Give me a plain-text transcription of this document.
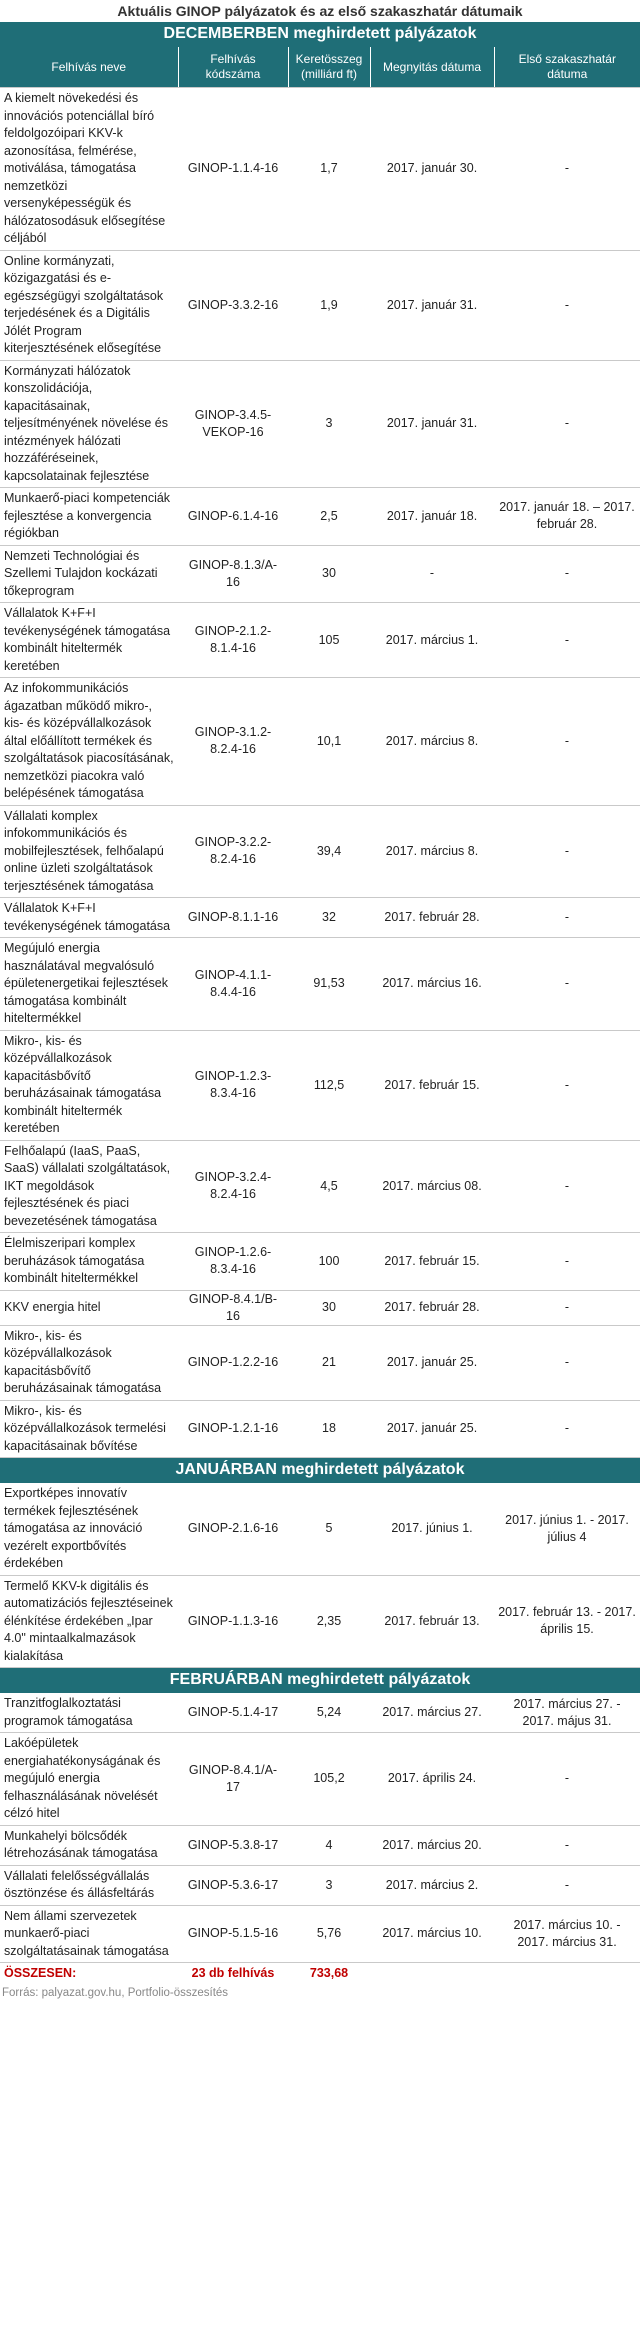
Aktuális GINOP pályázatok és az első szakaszhatár dátumaik
DECEMBERBEN meghirdetett pályázatok				
Felhívás neve	Felhívás kódszáma	Keretösszeg (milliárd ft)	Megnyitás dátuma	Első szakaszhatár dátuma
A kiemelt növekedési és innovációs potenciállal bíró feldolgozóipari KKV-k azonosítása, felmérése, motiválása, támogatása nemzetközi versenyképességük és hálózatosodásuk elősegítése céljából	GINOP-1.1.4-16	1,7	2017. január 30.	-
Online kormányzati, közigazgatási és e-egészségügyi szolgáltatások terjedésének és a Digitális Jólét Program kiterjesztésének elősegítése	GINOP-3.3.2-16	1,9	2017. január 31.	-
Kormányzati hálózatok konszolidációja, kapacitásainak, teljesítményének növelése és intézmények hálózati hozzáféréseinek, kapcsolatainak fejlesztése	GINOP-3.4.5-VEKOP-16	3	2017. január 31.	-
Munkaerő-piaci kompetenciák fejlesztése a konvergencia régiókban	GINOP-6.1.4-16	2,5	2017. január 18.	2017. január 18. – 2017. február 28.
Nemzeti Technológiai és Szellemi Tulajdon kockázati tőkeprogram	GINOP-8.1.3/A-16	30	-	-
Vállalatok K+F+I tevékenységének támogatása kombinált hiteltermék keretében	GINOP-2.1.2-8.1.4-16	105	2017. március 1.	-
Az infokommunikációs ágazatban működő mikro-, kis- és középvállalkozások által előállított termékek és szolgáltatások piacosításának, nemzetközi piacokra való belépésének támogatása	GINOP-3.1.2-8.2.4-16	10,1	2017. március 8.	-
Vállalati komplex infokommunikációs és mobilfejlesztések, felhőalapú online üzleti szolgáltatások terjesztésének támogatása	GINOP-3.2.2-8.2.4-16	39,4	2017. március 8.	-
Vállalatok K+F+I tevékenységének támogatása	GINOP-8.1.1-16	32	2017. február 28.	-
Megújuló energia használatával megvalósuló épületenergetikai fejlesztések támogatása kombinált hiteltermékkel	GINOP-4.1.1-8.4.4-16	91,53	2017. március 16.	-
Mikro-, kis- és középvállalkozások kapacitásbővítő beruházásainak támogatása kombinált hiteltermék keretében	GINOP-1.2.3-8.3.4-16	112,5	2017. február 15.	-
Felhőalapú (IaaS, PaaS, SaaS) vállalati szolgáltatások, IKT megoldások fejlesztésének és piaci bevezetésének támogatása	GINOP-3.2.4- 8.2.4-16	4,5	2017. március 08.	-
Élelmiszeripari komplex beruházások támogatása kombinált hiteltermékkel	GINOP-1.2.6-8.3.4-16	100	2017. február 15.	-
KKV energia hitel	GINOP-8.4.1/B-16	30	2017. február 28.	-
Mikro-, kis- és középvállalkozások kapacitásbővítő beruházásainak támogatása	GINOP-1.2.2-16	21	2017. január 25.	-
Mikro-, kis- és középvállalkozások termelési kapacitásainak bővítése	GINOP-1.2.1-16	18	2017. január 25.	-
JANUÁRBAN meghirdetett pályázatok				
Exportképes innovatív termékek fejlesztésének támogatása az innováció vezérelt exportbővítés érdekében	GINOP-2.1.6-16	5	2017. június 1.	2017. június 1. - 2017. július 4
Termelő KKV-k digitális és automatizációs fejlesztéseinek élénkítése érdekében „Ipar 4.0" mintaalkalmazások kialakítása	GINOP-1.1.3-16	2,35	2017. február 13.	2017. február 13. - 2017. április 15.
FEBRUÁRBAN meghirdetett pályázatok				
Tranzitfoglalkoztatási programok támogatása	GINOP-5.1.4-17	5,24	2017. március 27.	2017. március 27. - 2017. május 31.
Lakóépületek energiahatékonyságának és megújuló energia felhasználásának növelését célzó hitel	GINOP-8.4.1/A-17	105,2	2017. április 24.	-
Munkahelyi bölcsődék létrehozásának támogatása	GINOP-5.3.8-17	4	2017. március 20.	-
Vállalati felelősségvállalás ösztönzése és állásfeltárás	GINOP-5.3.6-17	3	2017. március 2.	-
Nem állami szervezetek munkaerő-piaci szolgáltatásainak támogatása	GINOP-5.1.5-16	5,76	2017. március 10.	2017. március 10. - 2017. március 31.
ÖSSZESEN:	23 db felhívás	733,68		
Forrás: palyazat.gov.hu, Portfolio-összesítés
